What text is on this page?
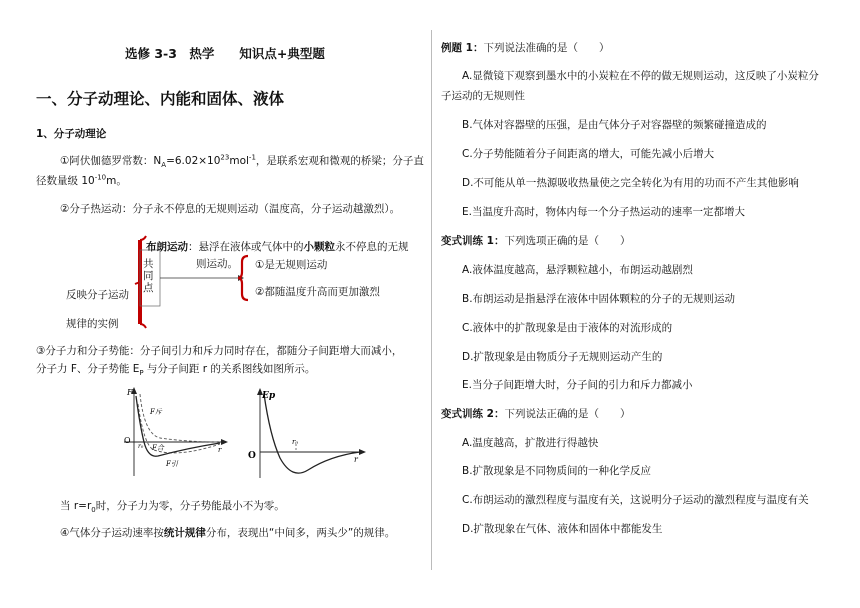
选修 3-3　热学　　知识点+典型题
一、分子动理论、内能和固体、液体
1、分子动理论
①阿伏伽德罗常数：$N_A=6.02\times 10^{23}mol^{-1}$，是联系宏观和微观的桥梁；分子直
径数量级 $10^{-10}m$。
②分子热运动：分子永不停息的无规则运动（温度高，分子运动越激烈）。
布朗运动：悬浮在液体或气体中的小颗粒永不停息的无规
则运动。
共同点
①是无规则运动
②都随温度升高而更加激烈
反映分子运动
规律的实例
③分子力和分子势能：分子间引力和斥力同时存在，都随分子间距增大而减小，
分子力 F、分子势能 $E_P$ 与分子间距 r 的关系图线如图所示。
F
O
r
r₀
F斥
F合
F引
Ep
O	r
r₀
当 $r=r_0$时，分子力为零，分子势能最小不为零。
④气体分子运动速率按统计规律分布，表现出“中间多，两头少”的规律。
例题 1：下列说法准确的是（　　）
A.显微镜下观察到墨水中的小炭粒在不停的做无规则运动，这反映了小炭粒分
子运动的无规则性
B.气体对容器壁的压强，是由气体分子对容器壁的频繁碰撞造成的
C.分子势能随着分子间距离的增大，可能先减小后增大
D.不可能从单一热源吸收热量使之完全转化为有用的功而不产生其他影响
E.当温度升高时，物体内每一个分子热运动的速率一定都增大
变式训练 1：下列选项正确的是（　　）
A.液体温度越高，悬浮颗粒越小，布朗运动越剧烈
B.布朗运动是指悬浮在液体中固体颗粒的分子的无规则运动
C.液体中的扩散现象是由于液体的对流形成的
D.扩散现象是由物质分子无规则运动产生的
E.当分子间距增大时，分子间的引力和斥力都减小
变式训练 2：下列说法正确的是（　　）
A.温度越高，扩散进行得越快
B.扩散现象是不同物质间的一种化学反应
C.布朗运动的激烈程度与温度有关，这说明分子运动的激烈程度与温度有关
D.扩散现象在气体、液体和固体中都能发生
